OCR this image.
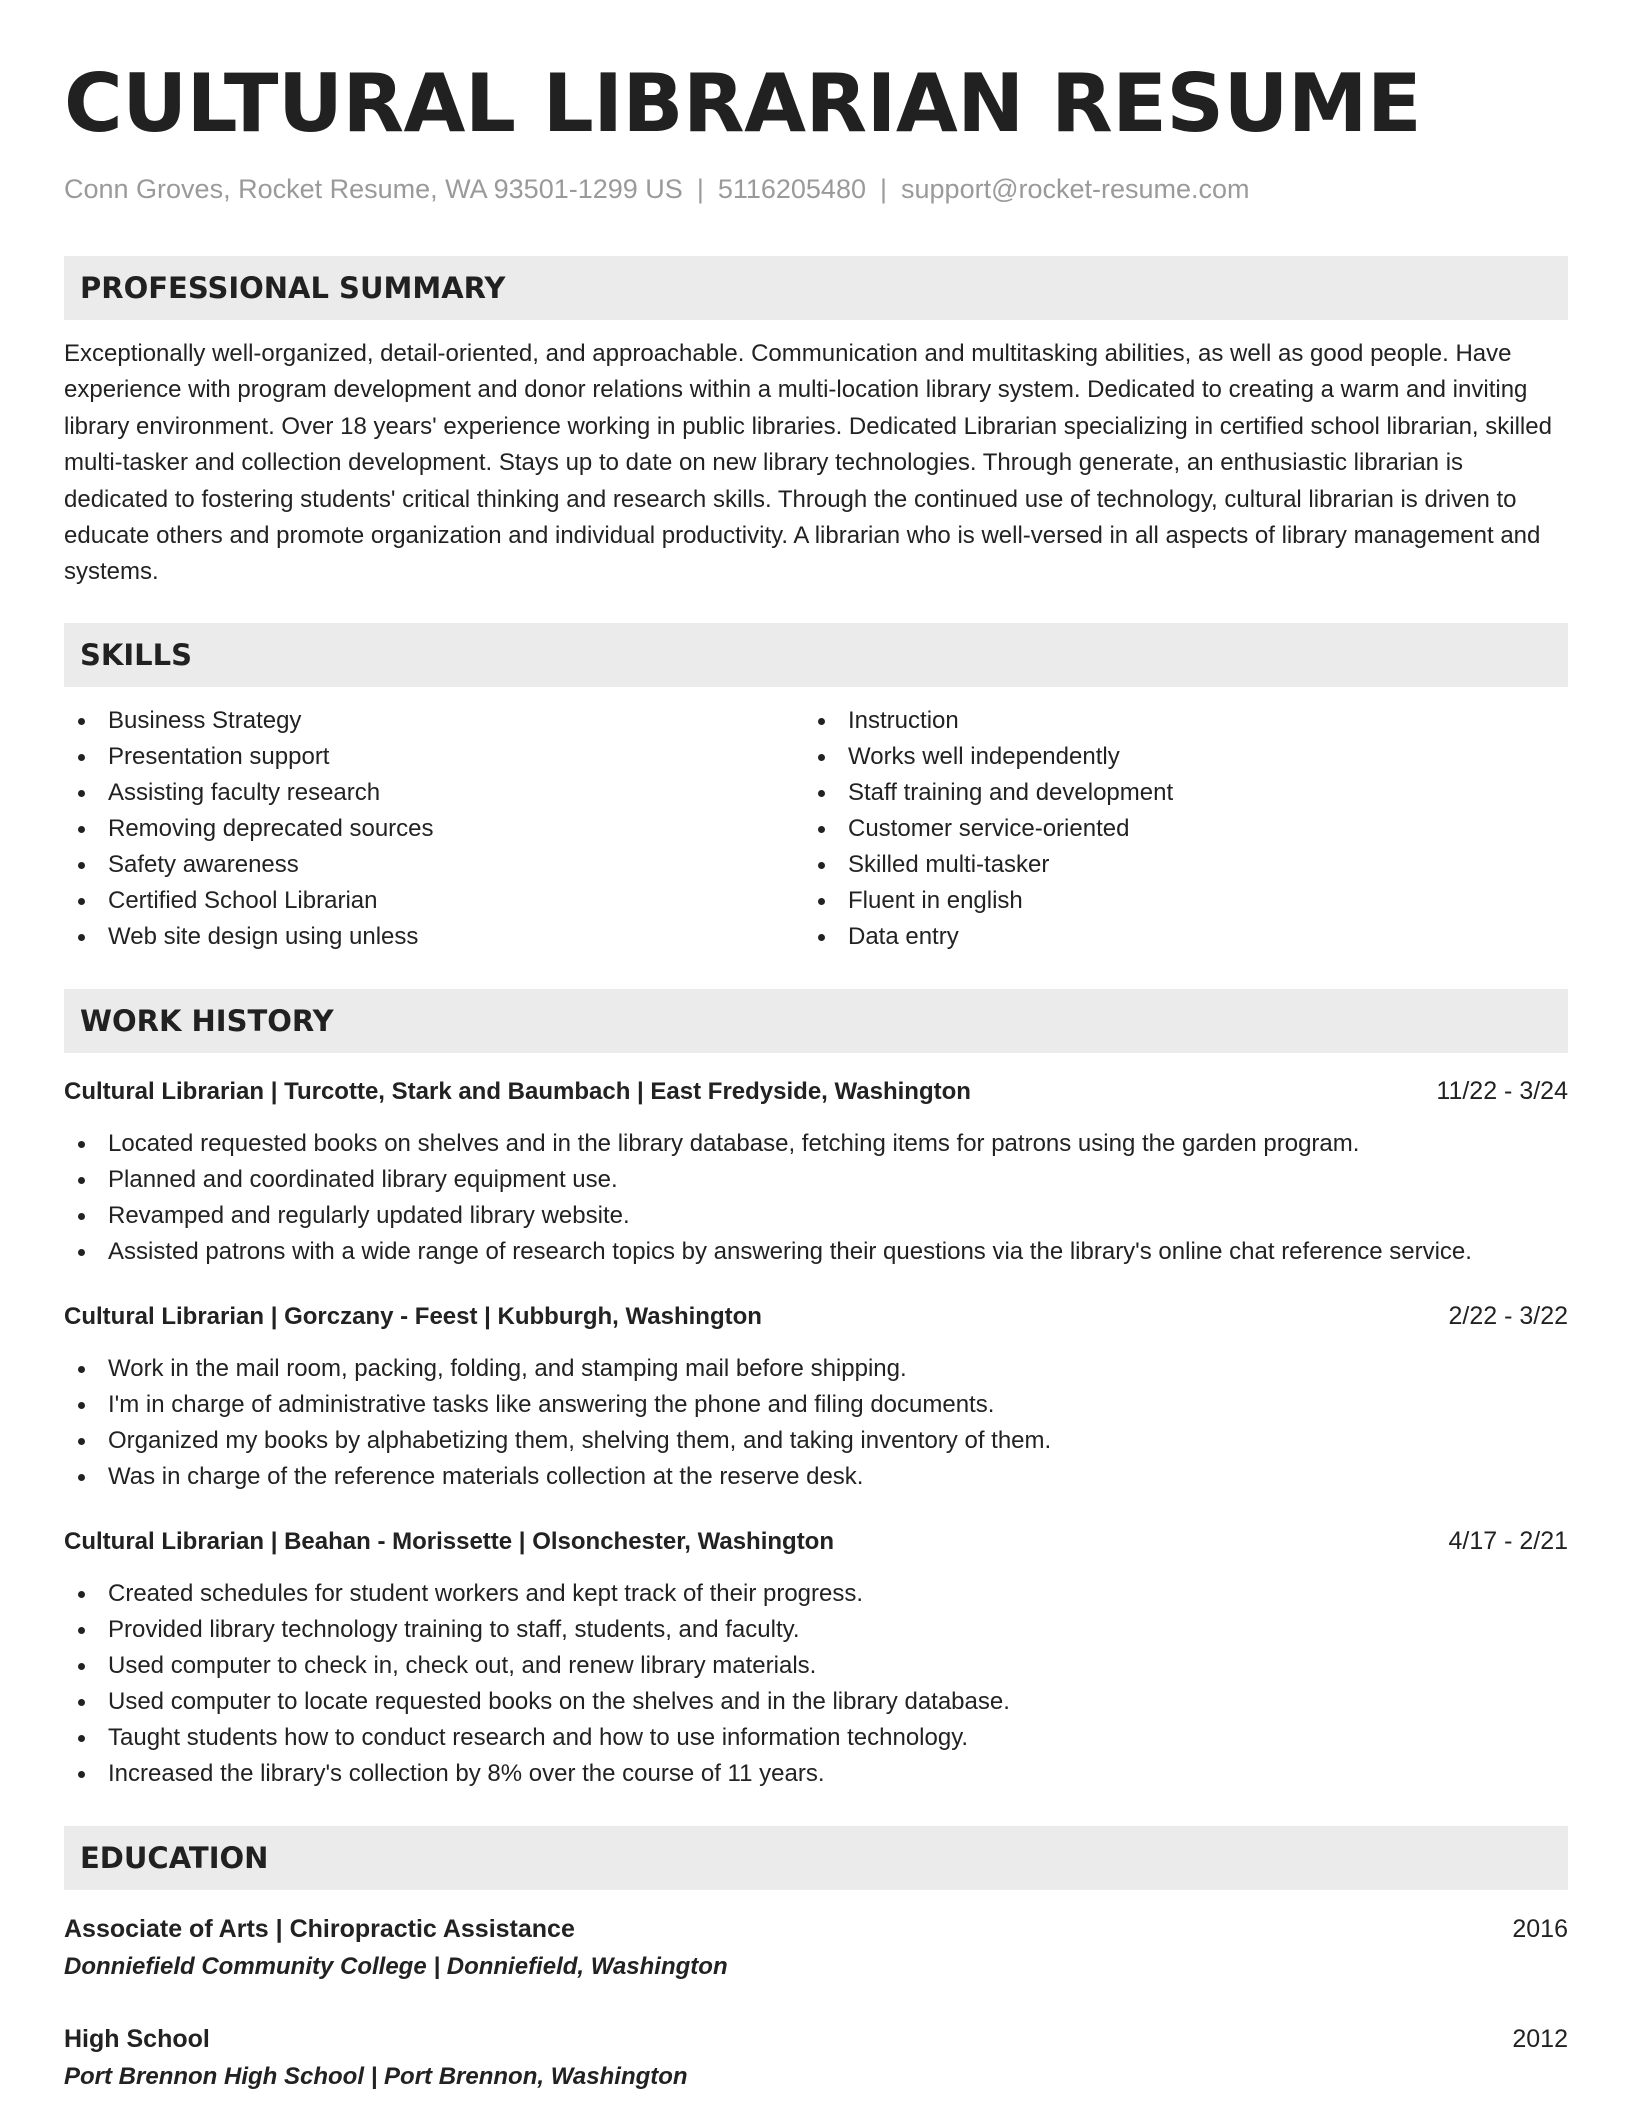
CULTURAL LIBRARIAN RESUME
Conn Groves, Rocket Resume, WA 93501-1299 US | 5116205480 | support@rocket-resume.com
PROFESSIONAL SUMMARY
Exceptionally well-organized, detail-oriented, and approachable. Communication and multitasking abilities, as well as good people. Have experience with program development and donor relations within a multi-location library system. Dedicated to creating a warm and inviting library environment. Over 18 years' experience working in public libraries. Dedicated Librarian specializing in certified school librarian, skilled multi-tasker and collection development. Stays up to date on new library technologies. Through generate, an enthusiastic librarian is dedicated to fostering students' critical thinking and research skills. Through the continued use of technology, cultural librarian is driven to educate others and promote organization and individual productivity. A librarian who is well-versed in all aspects of library management and systems.
SKILLS
Business Strategy
Presentation support
Assisting faculty research
Removing deprecated sources
Safety awareness
Certified School Librarian
Web site design using unless
Instruction
Works well independently
Staff training and development
Customer service-oriented
Skilled multi-tasker
Fluent in english
Data entry
WORK HISTORY
Cultural Librarian | Turcotte, Stark and Baumbach | East Fredyside, Washington	11/22 - 3/24
Located requested books on shelves and in the library database, fetching items for patrons using the garden program.
Planned and coordinated library equipment use.
Revamped and regularly updated library website.
Assisted patrons with a wide range of research topics by answering their questions via the library's online chat reference service.
Cultural Librarian | Gorczany - Feest | Kubburgh, Washington	2/22 - 3/22
Work in the mail room, packing, folding, and stamping mail before shipping.
I'm in charge of administrative tasks like answering the phone and filing documents.
Organized my books by alphabetizing them, shelving them, and taking inventory of them.
Was in charge of the reference materials collection at the reserve desk.
Cultural Librarian | Beahan - Morissette | Olsonchester, Washington	4/17 - 2/21
Created schedules for student workers and kept track of their progress.
Provided library technology training to staff, students, and faculty.
Used computer to check in, check out, and renew library materials.
Used computer to locate requested books on the shelves and in the library database.
Taught students how to conduct research and how to use information technology.
Increased the library's collection by 8% over the course of 11 years.
EDUCATION
Associate of Arts | Chiropractic Assistance	2016
Donniefield Community College | Donniefield, Washington
High School	2012
Port Brennon High School | Port Brennon, Washington
